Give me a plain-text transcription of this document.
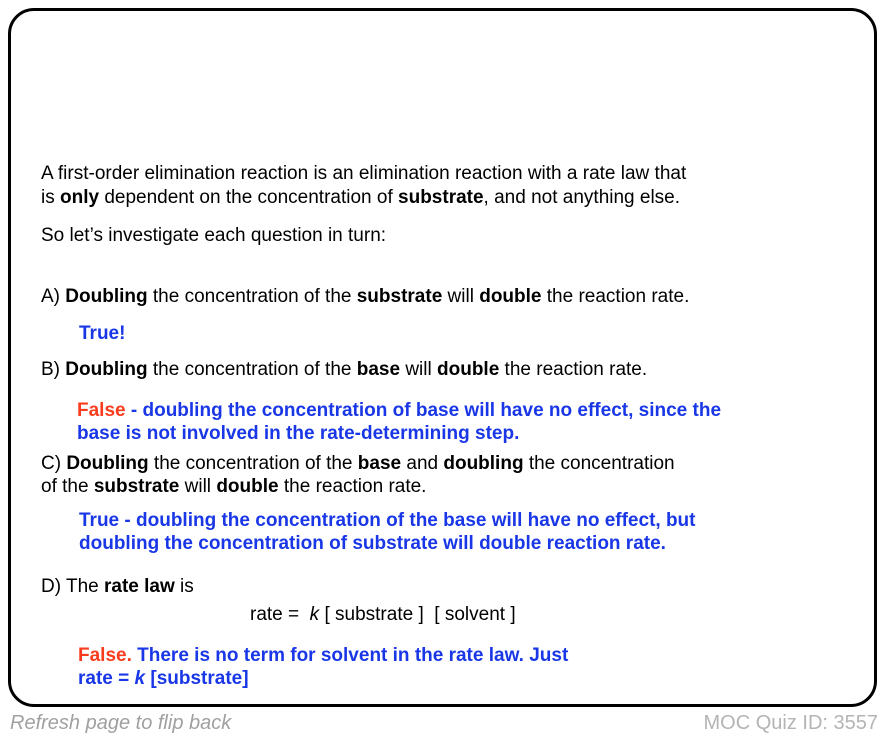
A first-order elimination reaction is an elimination reaction with a rate law that
is only dependent on the concentration of substrate, and not anything else.
So let’s investigate each question in turn:
A) Doubling the concentration of the substrate will double the reaction rate.
True!
B) Doubling the concentration of the base will double the reaction rate.
False - doubling the concentration of base will have no effect, since the
base is not involved in the rate-determining step.
C) Doubling the concentration of the base and doubling the concentration
of the substrate will double the reaction rate.
True - doubling the concentration of the base will have no effect, but
doubling the concentration of substrate will double reaction rate.
D) The rate law is
rate =  k [ substrate ]  [ solvent ]
False. There is no term for solvent in the rate law. Just
rate = k [substrate]
Refresh page to flip back	MOC Quiz ID: 3557
